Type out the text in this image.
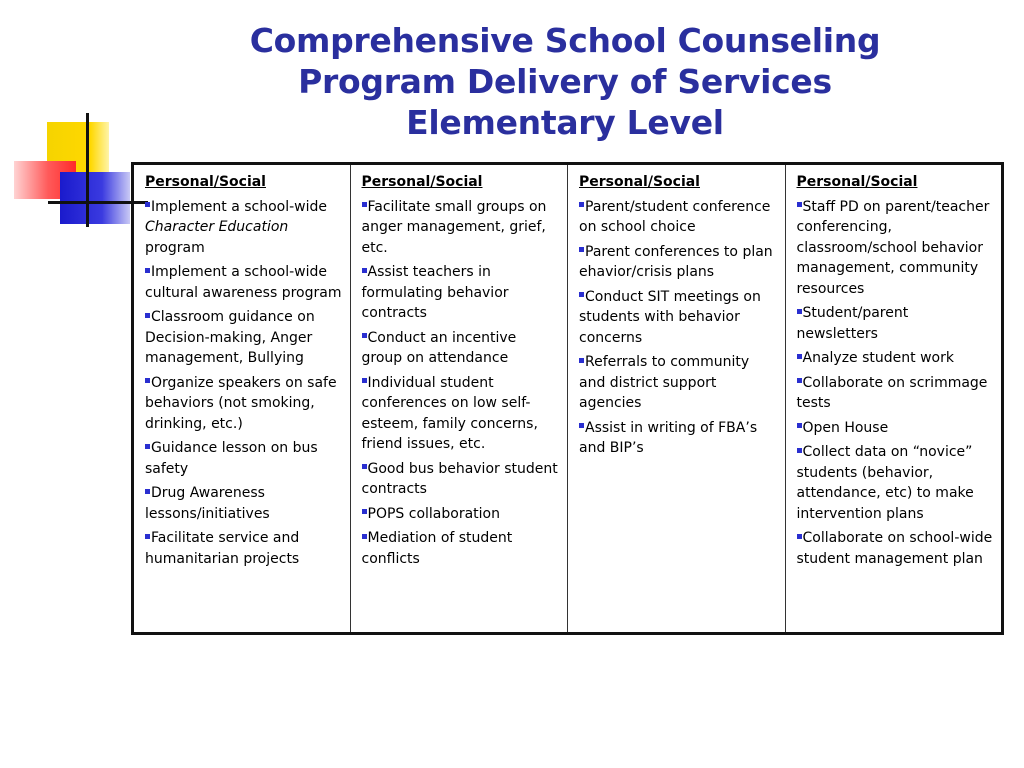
Comprehensive School Counseling
Program Delivery of Services
Elementary Level
Personal/Social
Implement a school-wide Character Education program
Implement a school-wide cultural awareness program
Classroom guidance on Decision-making, Anger management, Bullying
Organize speakers on safe behaviors (not smoking, drinking, etc.)
Guidance lesson on bus safety
Drug Awareness lessons/initiatives
Facilitate service and humanitarian projects

Personal/Social
Facilitate small groups on anger management, grief, etc.
Assist teachers in formulating behavior contracts
Conduct an incentive group on attendance
Individual student conferences on low self-esteem, family concerns, friend issues, etc.
Good bus behavior student contracts
POPS collaboration
Mediation of student conflicts

Personal/Social
Parent/student conference on school choice
Parent conferences to plan ehavior/crisis plans
Conduct SIT meetings on students with behavior concerns
Referrals to community and district support agencies
Assist in writing of FBA’s and BIP’s

Personal/Social
Staff PD on parent/teacher conferencing, classroom/school behavior management, community resources
Student/parent newsletters
Analyze student work
Collaborate on scrimmage tests
Open House
Collect data on “novice” students (behavior, attendance, etc) to make intervention plans
Collaborate on school-wide student management plan
